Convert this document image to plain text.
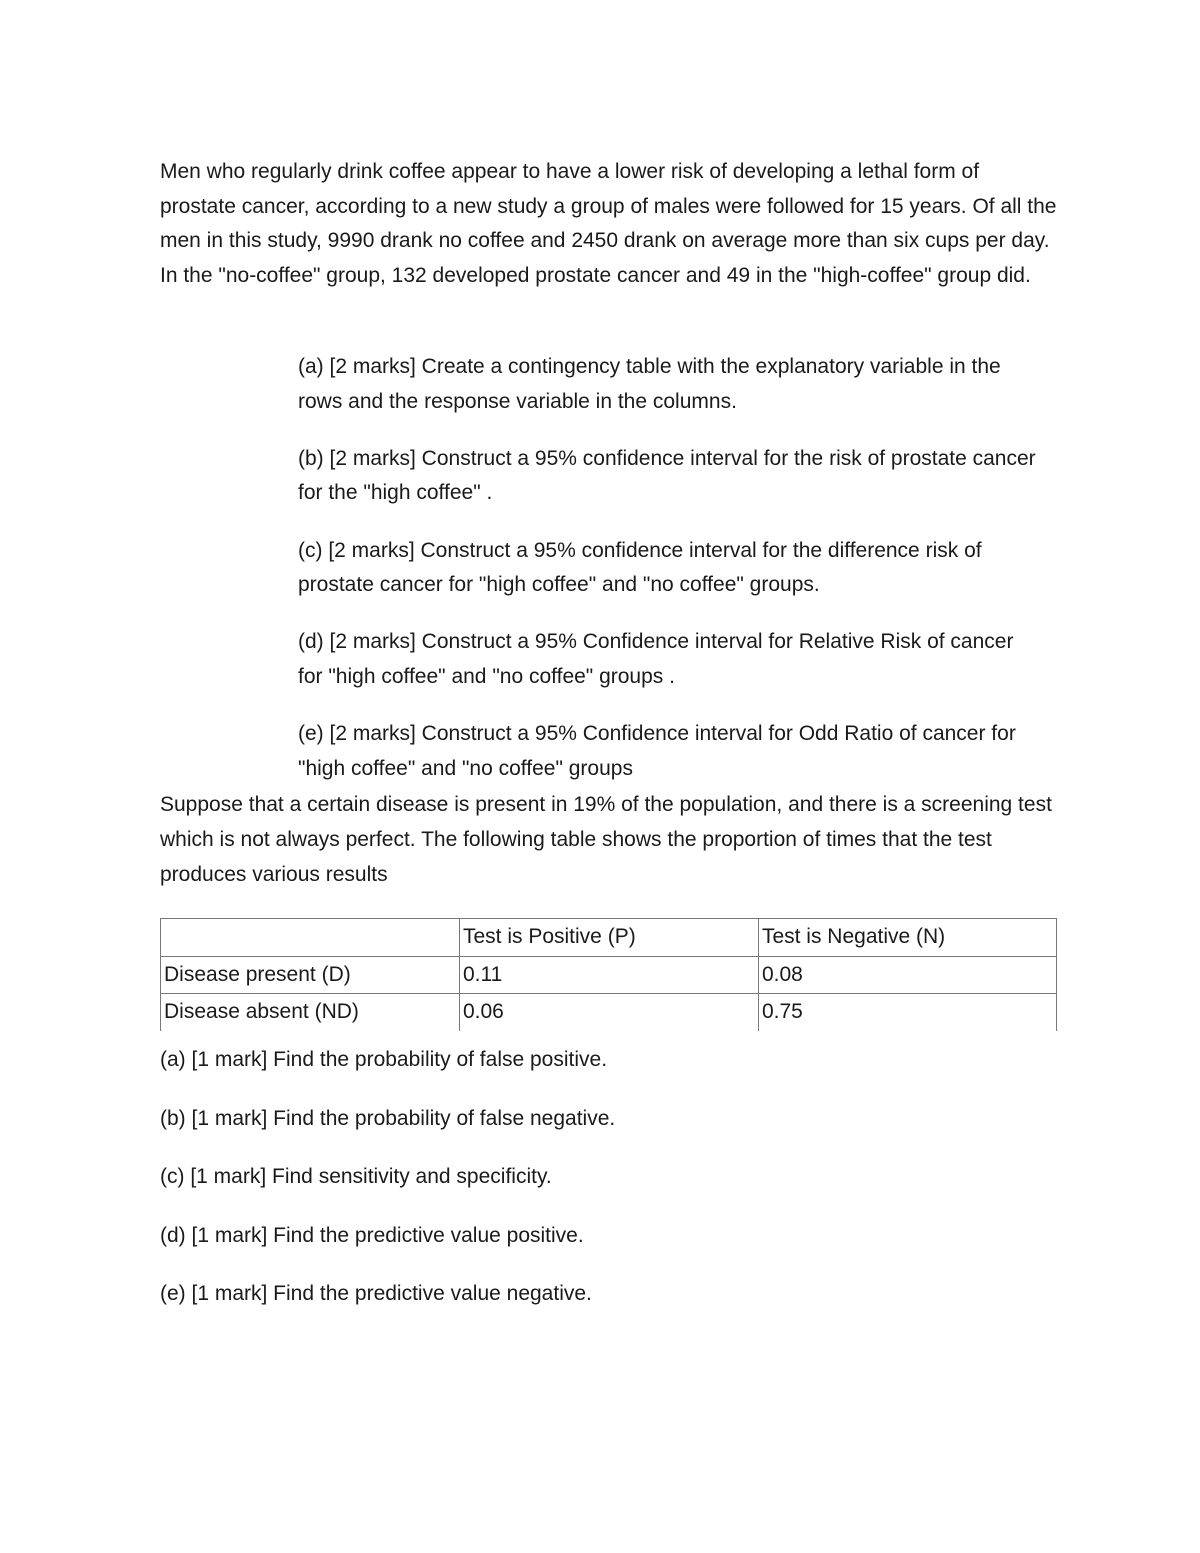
Men who regularly drink coffee appear to have a lower risk of developing a lethal form of prostate cancer, according to a new study a group of males were followed for 15 years. Of all the men in this study, 9990 drank no coffee and 2450 drank on average more than six cups per day. In the "no-coffee" group, 132 developed prostate cancer and 49 in the "high-coffee" group did.

(a) [2 marks] Create a contingency table with the explanatory variable in the rows and the response variable in the columns.
(b) [2 marks] Construct a 95% confidence interval for the risk of prostate cancer for the "high coffee" .
(c) [2 marks] Construct a 95% confidence interval for the difference risk of prostate cancer for "high coffee" and "no coffee" groups.
(d) [2 marks] Construct a 95% Confidence interval for Relative Risk of cancer for "high coffee" and "no coffee" groups .
(e) [2 marks] Construct a 95% Confidence interval for Odd Ratio of cancer for "high coffee" and "no coffee" groups

Suppose that a certain disease is present in 19% of the population, and there is a screening test which is not always perfect. The following table shows the proportion of times that the test produces various results

	Test is Positive (P)	Test is Negative (N)
Disease present (D)	0.11	0.08
Disease absent (ND)	0.06	0.75
(a) [1 mark] Find the probability of false positive.
(b) [1 mark] Find the probability of false negative.
(c) [1 mark] Find sensitivity and specificity.
(d) [1 mark] Find the predictive value positive.
(e) [1 mark] Find the predictive value negative.
